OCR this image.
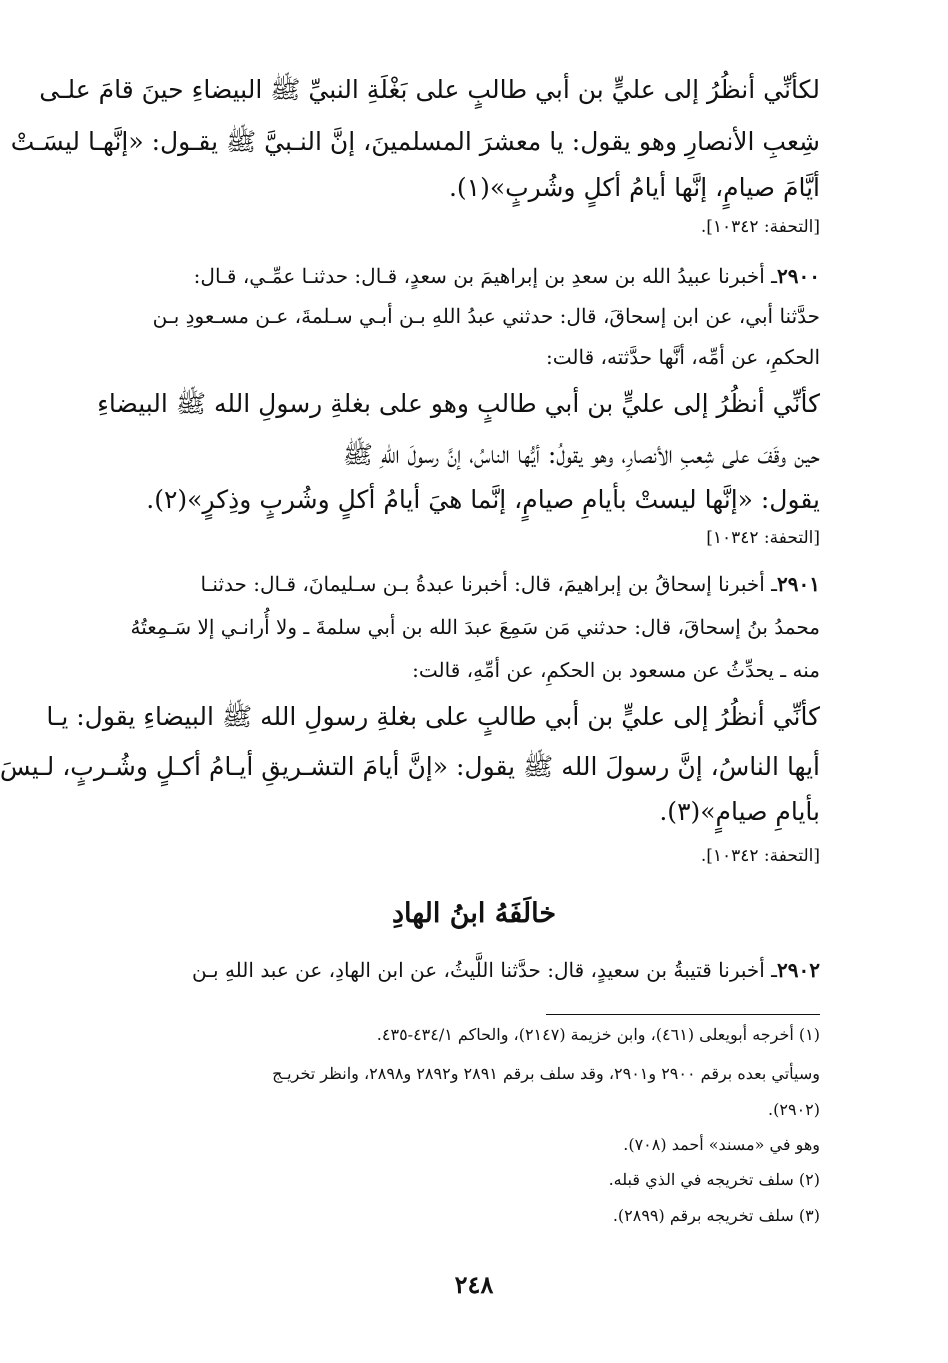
لكأنِّي أنظُرُ إلى عليٍّ بن أبي طالبٍ على بَغْلَةِ النبيِّ ﷺ البيضاءِ حينَ قامَ علـى
شِعبِ الأنصارِ وهو يقول: يا معشرَ المسلمينَ، إنَّ النـبيَّ ﷺ يقـول: «إنَّهـا ليسَـتْ
أيَّامَ صيامٍ، إنَّها أيامُ أكلٍ وشُربٍ»(١).
[التحفة: ١٠٣٤٢].
٢٩٠٠ـ أخبرنا عبيدُ الله بن سعدِ بن إبراهيمَ بن سعدٍ، قـال: حدثنـا عمِّـي، قـال:
حدَّثنا أبي، عن ابن إسحاقَ، قال: حدثني عبدُ اللهِ بـن أبـي سـلمةَ، عـن مسـعودِ بـن
الحكمِ، عن أمِّه، أنَّها حدَّثته، قالت:
كأنِّي أنظُرُ إلى عليٍّ بن أبي طالبٍ وهو على بغلةِ رسولِ الله ﷺ البيضاءِ
حين وقَفَ على شِعبِ الأنصارِ، وهو يقولُ: أيُّها الناسُ، إنَّ رسولَ اللهِ ﷺ
يقول: «إنَّها ليستْ بأيامِ صيامٍ، إنَّما هيَ أيامُ أكلٍ وشُربٍ وذِكرٍ»(٢).
[التحفة: ١٠٣٤٢]
٢٩٠١ـ أخبرنا إسحاقُ بن إبراهيمَ، قال: أخبرنا عبدةُ بـن سـليمانَ، قـال: حدثنـا
محمدُ بنُ إسحاقَ، قال: حدثني مَن سَمِعَ عبدَ الله بن أبي سلمةَ ـ ولا أُرانـي إلا سَـمِعتُهُ
منه ـ يحدِّثُ عن مسعود بن الحكمِ، عن أمِّهِ، قالت:
كأنِّي أنظُرُ إلى عليٍّ بن أبي طالبٍ على بغلةِ رسولِ الله ﷺ البيضاءِ يقول: يـا
أيها الناسُ، إنَّ رسولَ الله ﷺ يقول: «إنَّ أيامَ التشـريقِ أيـامُ أكـلٍ وشُـربٍ، لـيسَ
بأيامِ صيامٍ»(٣).
[التحفة: ١٠٣٤٢].
خالَفَهُ ابنُ الهادِ
٢٩٠٢ـ أخبرنا قتيبةُ بن سعيدٍ، قال: حدَّثنا اللَّيثُ، عن ابن الهادِ، عن عبد اللهِ بـن
(١) أخرجه أبويعلى (٤٦١)، وابن خزيمة (٢١٤٧)، والحاكم ٤٣٤/١-٤٣٥.
وسيأتي بعده برقم ٢٩٠٠ و٢٩٠١، وقد سلف برقم ٢٨٩١ و٢٨٩٢ و٢٨٩٨، وانظر تخريـج
(٢٩٠٢).
وهو في «مسند» أحمد (٧٠٨).
(٢) سلف تخريجه في الذي قبله.
(٣) سلف تخريجه برقم (٢٨٩٩).
٢٤٨
